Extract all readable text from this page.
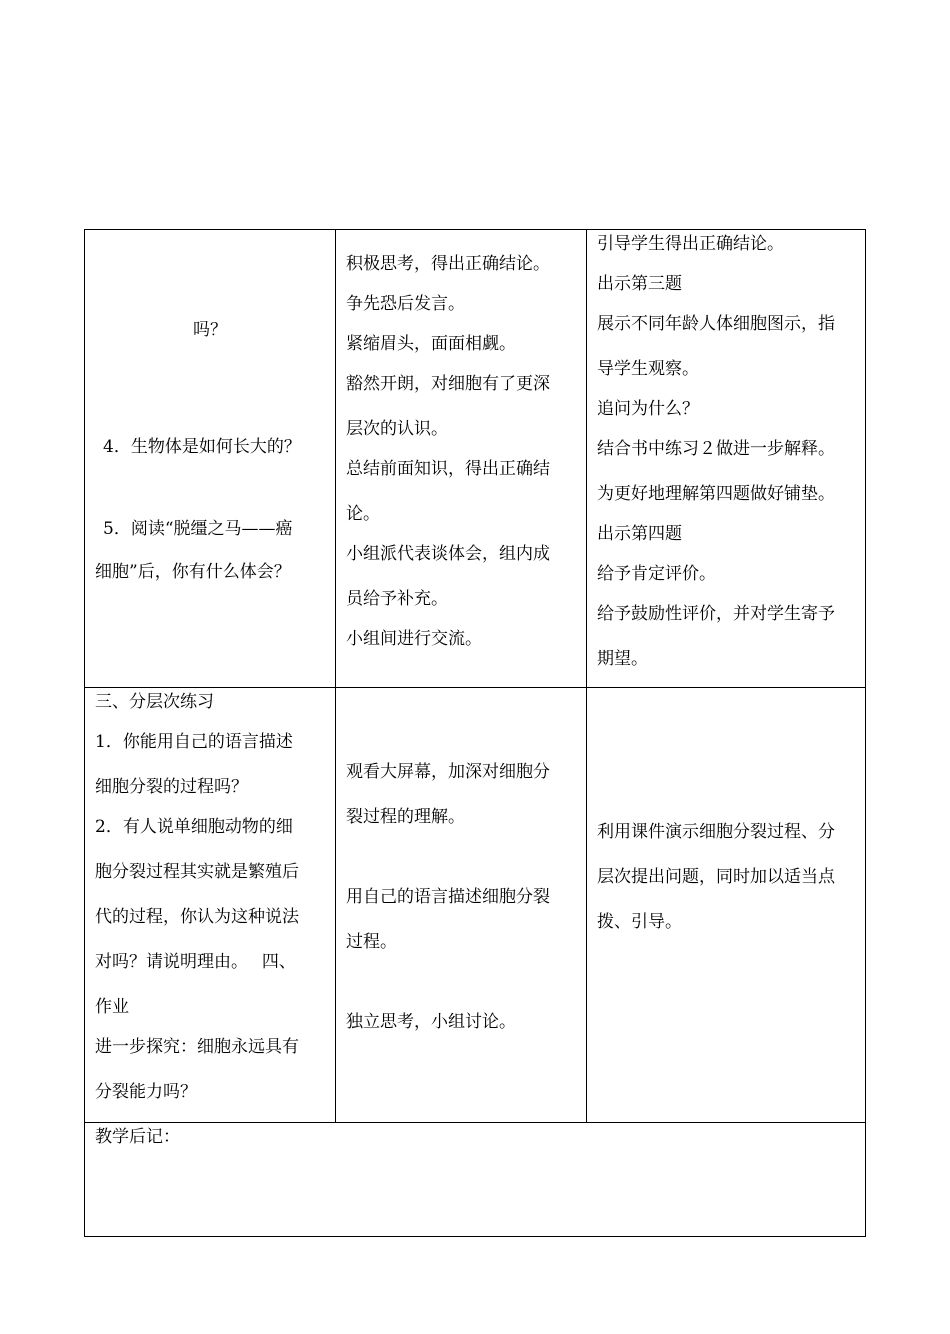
吗？
4．生物体是如何长大的？
5．阅读“脱缰之马——癌
细胞”后，你有什么体会？
积极思考，得出正确结论。
争先恐后发言。
紧缩眉头，面面相觑。
豁然开朗，对细胞有了更深
层次的认识。
总结前面知识，得出正确结
论。
小组派代表谈体会，组内成
员给予补充。
小组间进行交流。
引导学生得出正确结论。
出示第三题
展示不同年龄人体细胞图示，指
导学生观察。
追问为什么？
结合书中练习２做进一步解释。
为更好地理解第四题做好铺垫。
出示第四题
给予肯定评价。
给予鼓励性评价，并对学生寄予
期望。
三、分层次练习
1．你能用自己的语言描述
细胞分裂的过程吗？
2．有人说单细胞动物的细
胞分裂过程其实就是繁殖后
代的过程，你认为这种说法
对吗？请说明理由。　 四、
作业
进一步探究：细胞永远具有
分裂能力吗？
观看大屏幕，加深对细胞分
裂过程的理解。
用自己的语言描述细胞分裂
过程。
独立思考，小组讨论。
利用课件演示细胞分裂过程、分
层次提出问题，同时加以适当点
拨、引导。
教学后记：
